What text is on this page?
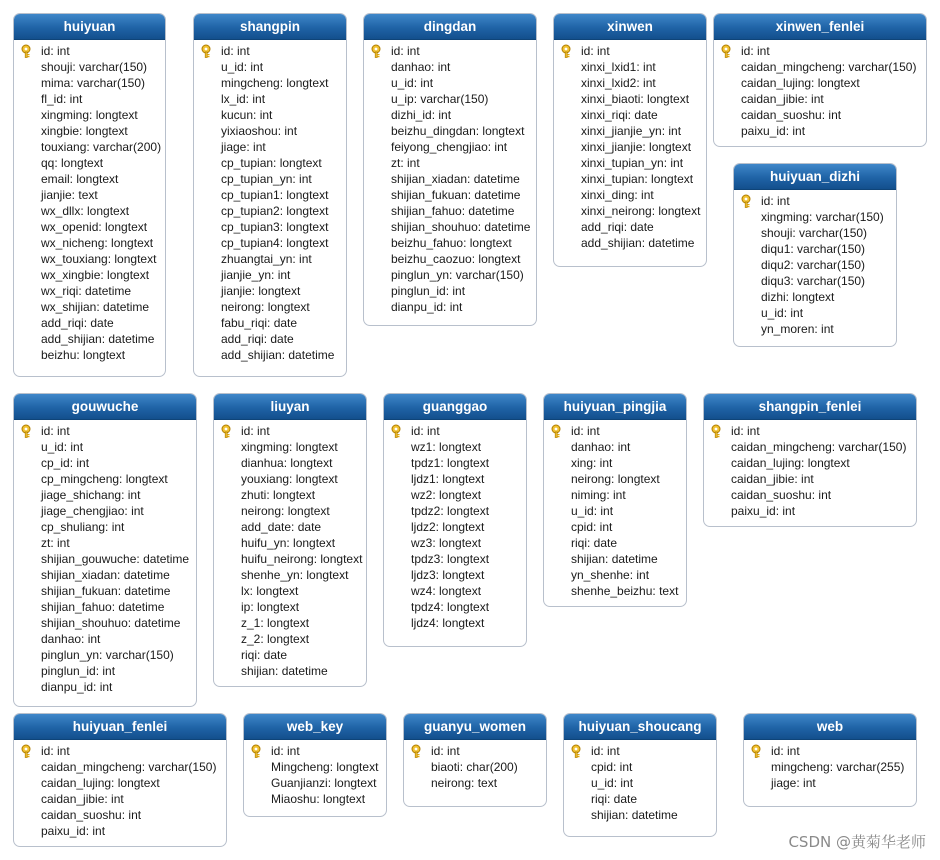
huiyuan
id: int
shouji: varchar(150)
mima: varchar(150)
fl_id: int
xingming: longtext
xingbie: longtext
touxiang: varchar(200)
qq: longtext
email: longtext
jianjie: text
wx_dllx: longtext
wx_openid: longtext
wx_nicheng: longtext
wx_touxiang: longtext
wx_xingbie: longtext
wx_riqi: datetime
wx_shijian: datetime
add_riqi: date
add_shijian: datetime
beizhu: longtext
shangpin
id: int
u_id: int
mingcheng: longtext
lx_id: int
kucun: int
yixiaoshou: int
jiage: int
cp_tupian: longtext
cp_tupian_yn: int
cp_tupian1: longtext
cp_tupian2: longtext
cp_tupian3: longtext
cp_tupian4: longtext
zhuangtai_yn: int
jianjie_yn: int
jianjie: longtext
neirong: longtext
fabu_riqi: date
add_riqi: date
add_shijian: datetime
dingdan
id: int
danhao: int
u_id: int
u_ip: varchar(150)
dizhi_id: int
beizhu_dingdan: longtext
feiyong_chengjiao: int
zt: int
shijian_xiadan: datetime
shijian_fukuan: datetime
shijian_fahuo: datetime
shijian_shouhuo: datetime
beizhu_fahuo: longtext
beizhu_caozuo: longtext
pinglun_yn: varchar(150)
pinglun_id: int
dianpu_id: int
xinwen
id: int
xinxi_lxid1: int
xinxi_lxid2: int
xinxi_biaoti: longtext
xinxi_riqi: date
xinxi_jianjie_yn: int
xinxi_jianjie: longtext
xinxi_tupian_yn: int
xinxi_tupian: longtext
xinxi_ding: int
xinxi_neirong: longtext
add_riqi: date
add_shijian: datetime
xinwen_fenlei
id: int
caidan_mingcheng: varchar(150)
caidan_lujing: longtext
caidan_jibie: int
caidan_suoshu: int
paixu_id: int
huiyuan_dizhi
id: int
xingming: varchar(150)
shouji: varchar(150)
diqu1: varchar(150)
diqu2: varchar(150)
diqu3: varchar(150)
dizhi: longtext
u_id: int
yn_moren: int
gouwuche
id: int
u_id: int
cp_id: int
cp_mingcheng: longtext
jiage_shichang: int
jiage_chengjiao: int
cp_shuliang: int
zt: int
shijian_gouwuche: datetime
shijian_xiadan: datetime
shijian_fukuan: datetime
shijian_fahuo: datetime
shijian_shouhuo: datetime
danhao: int
pinglun_yn: varchar(150)
pinglun_id: int
dianpu_id: int
liuyan
id: int
xingming: longtext
dianhua: longtext
youxiang: longtext
zhuti: longtext
neirong: longtext
add_date: date
huifu_yn: longtext
huifu_neirong: longtext
shenhe_yn: longtext
lx: longtext
ip: longtext
z_1: longtext
z_2: longtext
riqi: date
shijian: datetime
guanggao
id: int
wz1: longtext
tpdz1: longtext
ljdz1: longtext
wz2: longtext
tpdz2: longtext
ljdz2: longtext
wz3: longtext
tpdz3: longtext
ljdz3: longtext
wz4: longtext
tpdz4: longtext
ljdz4: longtext
huiyuan_pingjia
id: int
danhao: int
xing: int
neirong: longtext
niming: int
u_id: int
cpid: int
riqi: date
shijian: datetime
yn_shenhe: int
shenhe_beizhu: text
shangpin_fenlei
id: int
caidan_mingcheng: varchar(150)
caidan_lujing: longtext
caidan_jibie: int
caidan_suoshu: int
paixu_id: int
huiyuan_fenlei
id: int
caidan_mingcheng: varchar(150)
caidan_lujing: longtext
caidan_jibie: int
caidan_suoshu: int
paixu_id: int
web_key
id: int
Mingcheng: longtext
Guanjianzi: longtext
Miaoshu: longtext
guanyu_women
id: int
biaoti: char(200)
neirong: text
huiyuan_shoucang
id: int
cpid: int
u_id: int
riqi: date
shijian: datetime
web
id: int
mingcheng: varchar(255)
jiage: int
CSDN @黄菊华老师
